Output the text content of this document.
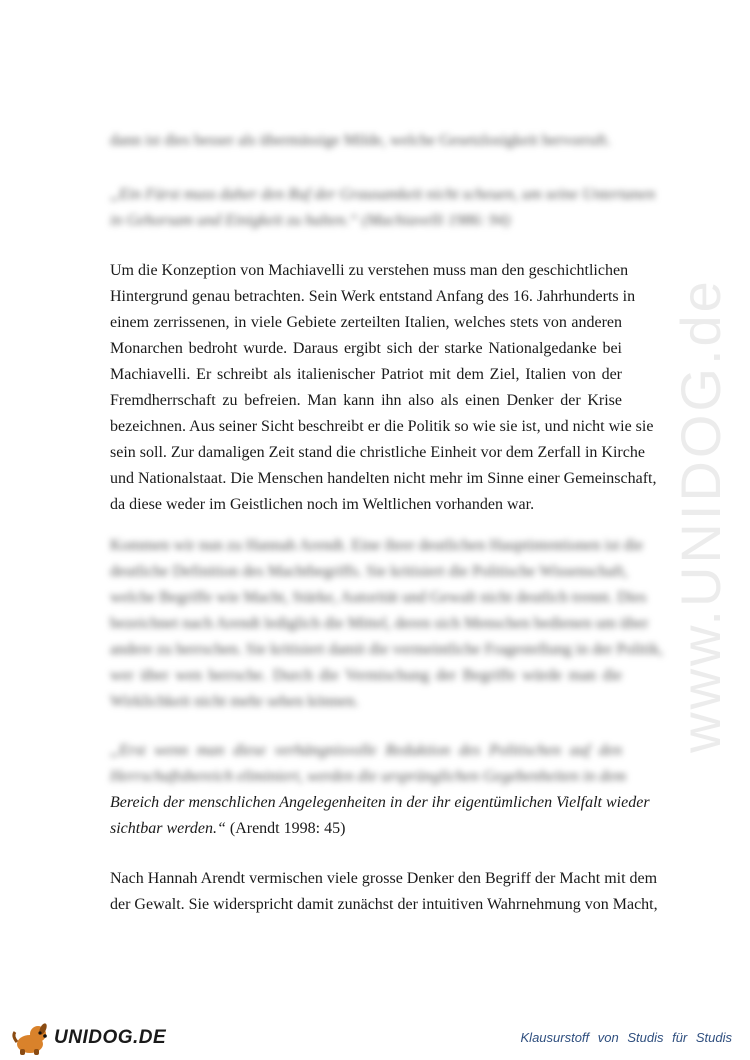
www.UNIDOG.de
dann ist dies besser als übermässige Milde, welche Gesetzlosigkeit hervorruft.
„Ein Fürst muss daher den Ruf der Grausamkeit nicht scheuen, um seine Untertanen
in Gehorsam und Einigkeit zu halten.“ (Machiavelli 1986: 94)
Um die Konzeption von Machiavelli zu verstehen muss man den geschichtlichen
Hintergrund genau betrachten. Sein Werk entstand Anfang des 16. Jahrhunderts in
einem zerrissenen, in viele Gebiete zerteilten Italien, welches stets von anderen
Monarchen bedroht wurde. Daraus ergibt sich der starke Nationalgedanke bei
Machiavelli. Er schreibt als italienischer Patriot mit dem Ziel, Italien von der
Fremdherrschaft zu befreien. Man kann ihn also als einen Denker der Krise
bezeichnen. Aus seiner Sicht beschreibt er die Politik so wie sie ist, und nicht wie sie
sein soll. Zur damaligen Zeit stand die christliche Einheit vor dem Zerfall in Kirche
und Nationalstaat. Die Menschen handelten nicht mehr im Sinne einer Gemeinschaft,
da diese weder im Geistlichen noch im Weltlichen vorhanden war.
Kommen wir nun zu Hannah Arendt. Eine ihrer deutlichen Hauptintentionen ist die
deutliche Definition des Machtbegriffs. Sie kritisiert die Politische Wissenschaft,
welche Begriffe wie Macht, Stärke, Autorität und Gewalt nicht deutlich trennt. Dies
bezeichnet nach Arendt lediglich die Mittel, deren sich Menschen bedienen um über
andere zu herrschen. Sie kritisiert damit die vermeintliche Fragestellung in der Politik,
wer über wen herrsche. Durch die Vermischung der Begriffe würde man die
Wirklichkeit nicht mehr sehen können.
„Erst wenn man diese verhängnisvolle Reduktion des Politischen auf den
Herrschaftsbereich eliminiert, werden die ursprünglichen Gegebenheiten in dem
Bereich der menschlichen Angelegenheiten in der ihr eigentümlichen Vielfalt wieder
sichtbar werden.“ (Arendt 1998: 45)
Nach Hannah Arendt vermischen viele grosse Denker den Begriff der Macht mit dem
der Gewalt. Sie widerspricht damit zunächst der intuitiven Wahrnehmung von Macht,
UNIDOG.DE	Klausurstoff von Studis für Studis
